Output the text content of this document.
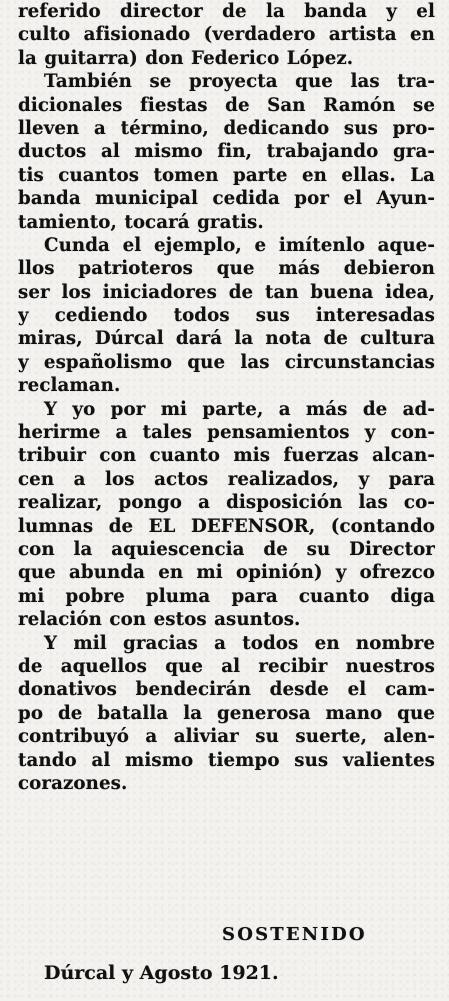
referido director de la banda y el
culto afisionado (verdadero artista en
la guitarra) don Federico López.
También se proyecta que las tra-
dicionales fiestas de San Ramón se
lleven a término, dedicando sus pro-
ductos al mismo fin, trabajando gra-
tis cuantos tomen parte en ellas. La
banda municipal cedida por el Ayun-
tamiento, tocará gratis.
Cunda el ejemplo, e imítenlo aque-
llos patrioteros que más debieron
ser los iniciadores de tan buena idea,
y cediendo todos sus interesadas
miras, Dúrcal dará la nota de cultura
y españolismo que las circunstancias
reclaman.
Y yo por mi parte, a más de ad-
herirme a tales pensamientos y con-
tribuir con cuanto mis fuerzas alcan-
cen a los actos realizados, y para
realizar, pongo a disposición las co-
lumnas de EL DEFENSOR, (contando
con la aquiescencia de su Director
que abunda en mi opinión) y ofrezco
mi pobre pluma para cuanto diga
relación con estos asuntos.
Y mil gracias a todos en nombre
de aquellos que al recibir nuestros
donativos bendecirán desde el cam-
po de batalla la generosa mano que
contribuyó a aliviar su suerte, alen-
tando al mismo tiempo sus valientes
corazones.
SOSTENIDO
Dúrcal y Agosto 1921.
